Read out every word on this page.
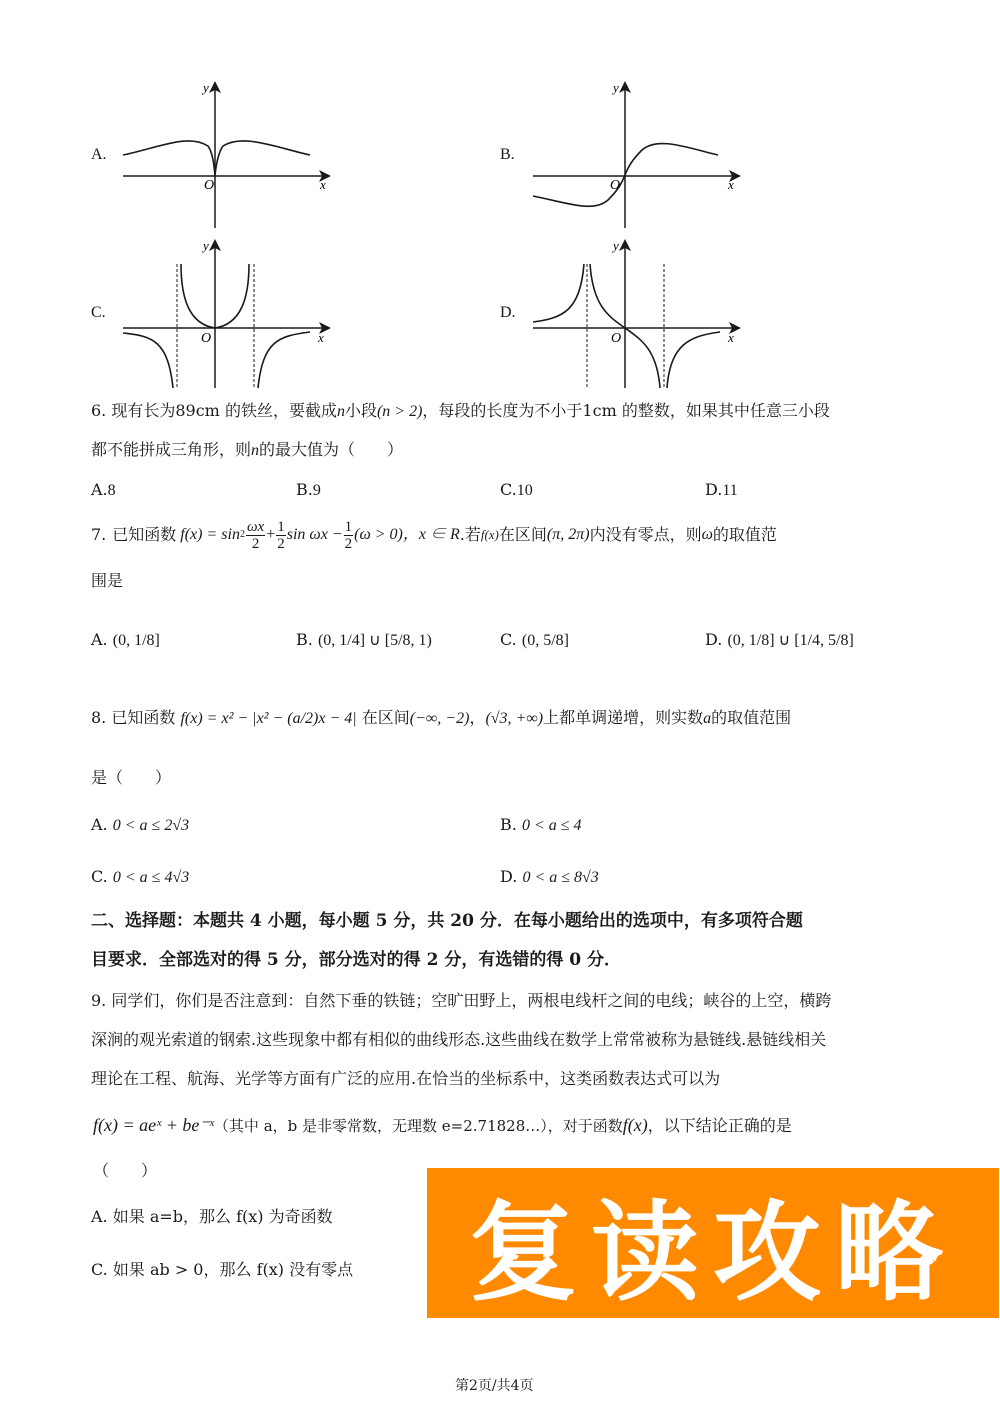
A.
O	x
y
B.
O	x
y
C.
O	x
y
D.
O	x
y
6. 现有长为89cm 的铁丝，要截成n小段(n > 2)，每段的长度为不小于1cm 的整数，如果其中任意三小段
都不能拼成三角形，则n的最大值为（　　）
A.8	B.9	C.10	D.11
7. 已知函数 $f(x) = \sin 2 \frac{\omega x}{2} + \frac{1}{2}$ $\sin \omega x - \frac{1}{2} (\omega > 0)$ ，x ∈ R .若 f(x) 在区间 (π, 2π) 内没有零点，则 ω 的取值范
围是
A. (0, 1/8]	B. (0, 1/4] ∪ [5/8, 1)	C. (0, 5/8]	D. (0, 1/8] ∪ [1/4, 5/8]
8. 已知函数 f(x) = x² − |x² − (a/2)x − 4| 在区间(−∞, −2)，(√3, +∞)上都单调递增，则实数a的取值范围
是（　　）
A. 0 < a ≤ 2√3	B. 0 < a ≤ 4
C. 0 < a ≤ 4√3	D. 0 < a ≤ 8√3
二、选择题：本题共 4 小题，每小题 5 分，共 20 分．在每小题给出的选项中，有多项符合题
目要求．全部选对的得 5 分，部分选对的得 2 分，有选错的得 0 分．
9. 同学们，你们是否注意到：自然下垂的铁链；空旷田野上，两根电线杆之间的电线；峡谷的上空，横跨
深涧的观光索道的钢索.这些现象中都有相似的曲线形态.这些曲线在数学上常常被称为悬链线.悬链线相关
理论在工程、航海、光学等方面有广泛的应用.在恰当的坐标系中，这类函数表达式可以为
f(x) = aeˣ + be⁻ˣ（其中 a，b 是非零常数，无理数 e=2.71828…），对于函数f(x)，以下结论正确的是
（　　）
A. 如果 a=b，那么 f(x) 为奇函数
C. 如果 ab > 0，那么 f(x) 没有零点	复读攻略
第2页/共4页
